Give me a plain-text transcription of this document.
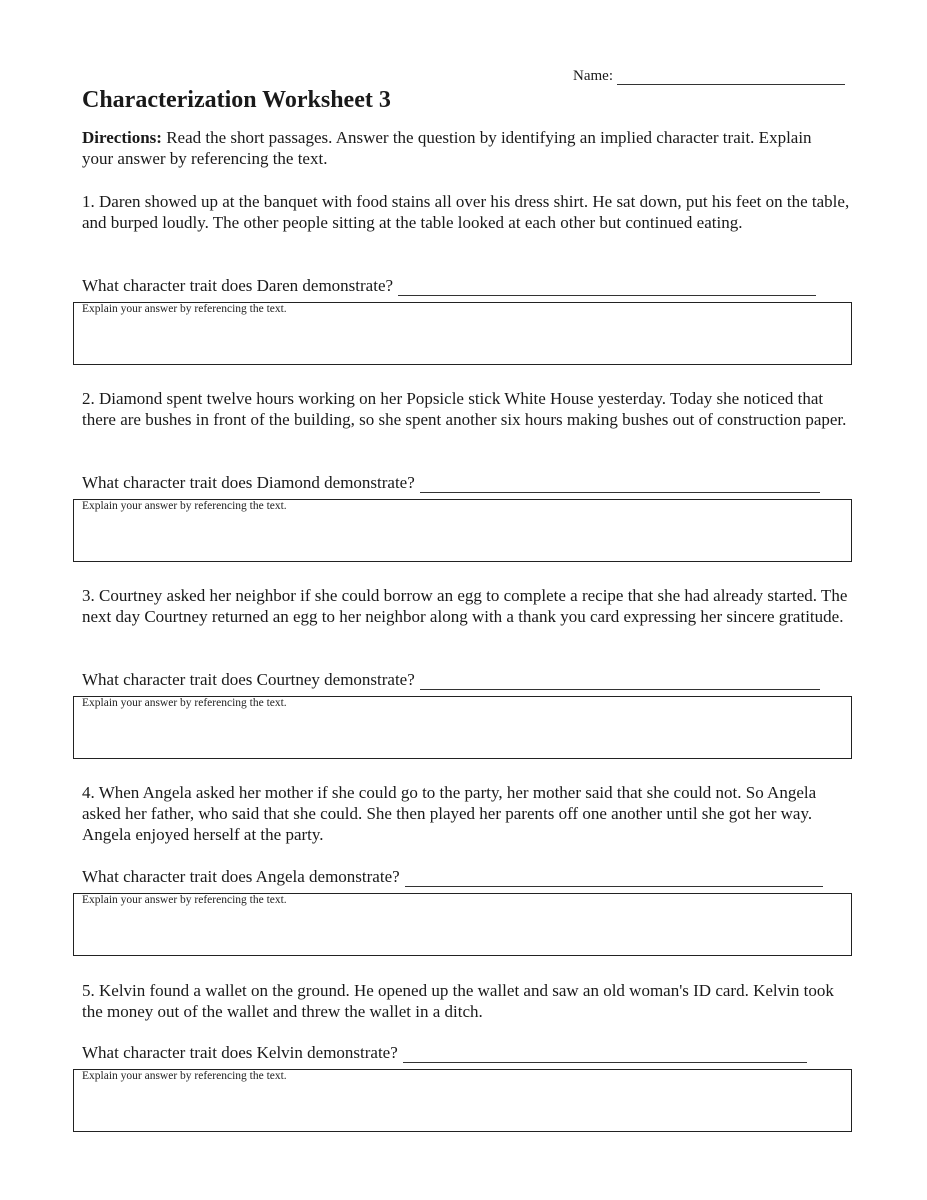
Name:
Characterization Worksheet 3

Directions: Read the short passages. Answer the question by identifying an implied character trait. Explain your answer by referencing the text.

1. Daren showed up at the banquet with food stains all over his dress shirt. He sat down, put his feet on the table, and burped loudly. The other people sitting at the table looked at each other but continued eating.

What character trait does Daren demonstrate?
Explain your answer by referencing the text.

2. Diamond spent twelve hours working on her Popsicle stick White House yesterday. Today she noticed that there are bushes in front of the building, so she spent another six hours making bushes out of construction paper.

What character trait does Diamond demonstrate?
Explain your answer by referencing the text.

3. Courtney asked her neighbor if she could borrow an egg to complete a recipe that she had already started. The next day Courtney returned an egg to her neighbor along with a thank you card expressing her sincere gratitude.

What character trait does Courtney demonstrate?
Explain your answer by referencing the text.

4. When Angela asked her mother if she could go to the party, her mother said that she could not. So Angela asked her father, who said that she could. She then played her parents off one another until she got her way. Angela enjoyed herself at the party.

What character trait does Angela demonstrate?
Explain your answer by referencing the text.

5. Kelvin found a wallet on the ground. He opened up the wallet and saw an old woman's ID card. Kelvin took the money out of the wallet and threw the wallet in a ditch.

What character trait does Kelvin demonstrate?
Explain your answer by referencing the text.
